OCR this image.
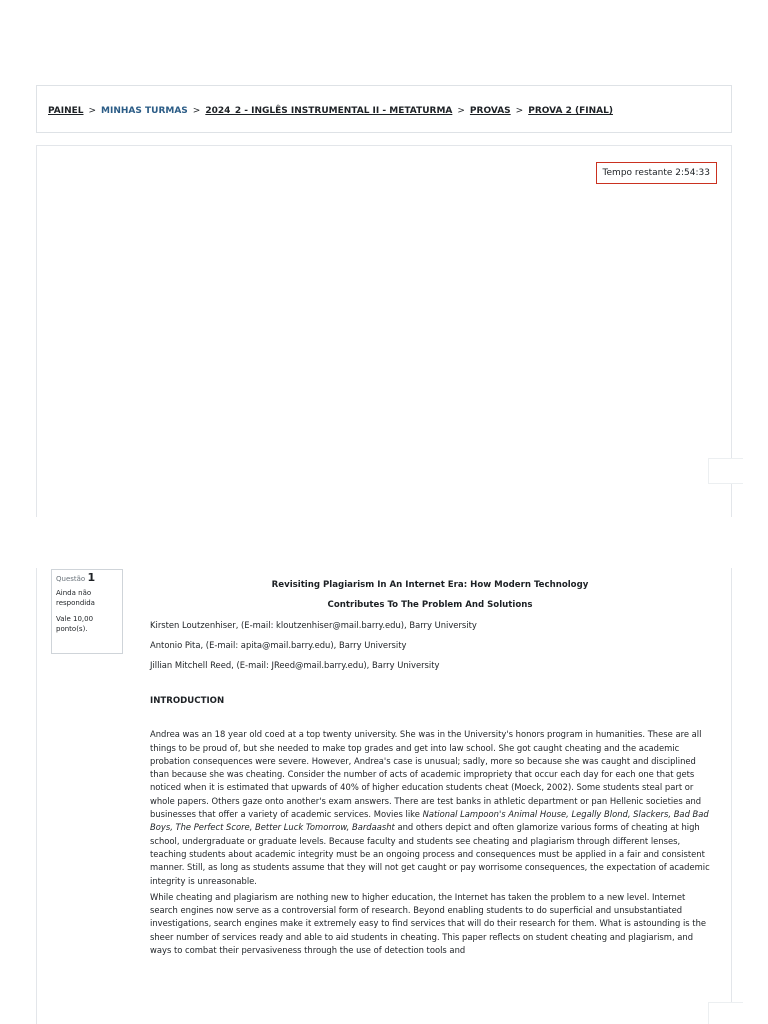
PAINEL > MINHAS TURMAS > 2024_2 - INGLÊS INSTRUMENTAL II - METATURMA > PROVAS > PROVA 2 (FINAL)
Tempo restante 2:54:33
Questão 1
Ainda não respondida
Vale 10,00 ponto(s).

Revisiting Plagiarism In An Internet Era: How Modern Technology

Contributes To The Problem And Solutions

Kirsten Loutzenhiser, (E-mail: kloutzenhiser@mail.barry.edu), Barry University

Antonio Pita, (E-mail: apita@mail.barry.edu), Barry University

Jillian Mitchell Reed, (E-mail: JReed@mail.barry.edu), Barry University

INTRODUCTION

Andrea was an 18 year old coed at a top twenty university. She was in the University's honors program in humanities. These are all things to be proud of, but she needed to make top grades and get into law school. She got caught cheating and the academic probation consequences were severe. However, Andrea's case is unusual; sadly, more so because she was caught and disciplined than because she was cheating. Consider the number of acts of academic impropriety that occur each day for each one that gets noticed when it is estimated that upwards of 40% of higher education students cheat (Moeck, 2002). Some students steal part or whole papers. Others gaze onto another's exam answers. There are test banks in athletic department or pan Hellenic societies and businesses that offer a variety of academic services. Movies like National Lampoon's Animal House, Legally Blond, Slackers, Bad Bad Boys, The Perfect Score, Better Luck Tomorrow, Bardaasht and others depict and often glamorize various forms of cheating at high school, undergraduate or graduate levels. Because faculty and students see cheating and plagiarism through different lenses, teaching students about academic integrity must be an ongoing process and consequences must be applied in a fair and consistent manner. Still, as long as students assume that they will not get caught or pay worrisome consequences, the expectation of academic integrity is unreasonable.

While cheating and plagiarism are nothing new to higher education, the Internet has taken the problem to a new level. Internet search engines now serve as a controversial form of research. Beyond enabling students to do superficial and unsubstantiated investigations, search engines make it extremely easy to find services that will do their research for them. What is astounding is the sheer number of services ready and able to aid students in cheating. This paper reflects on student cheating and plagiarism, and ways to combat their pervasiveness through the use of detection tools and
